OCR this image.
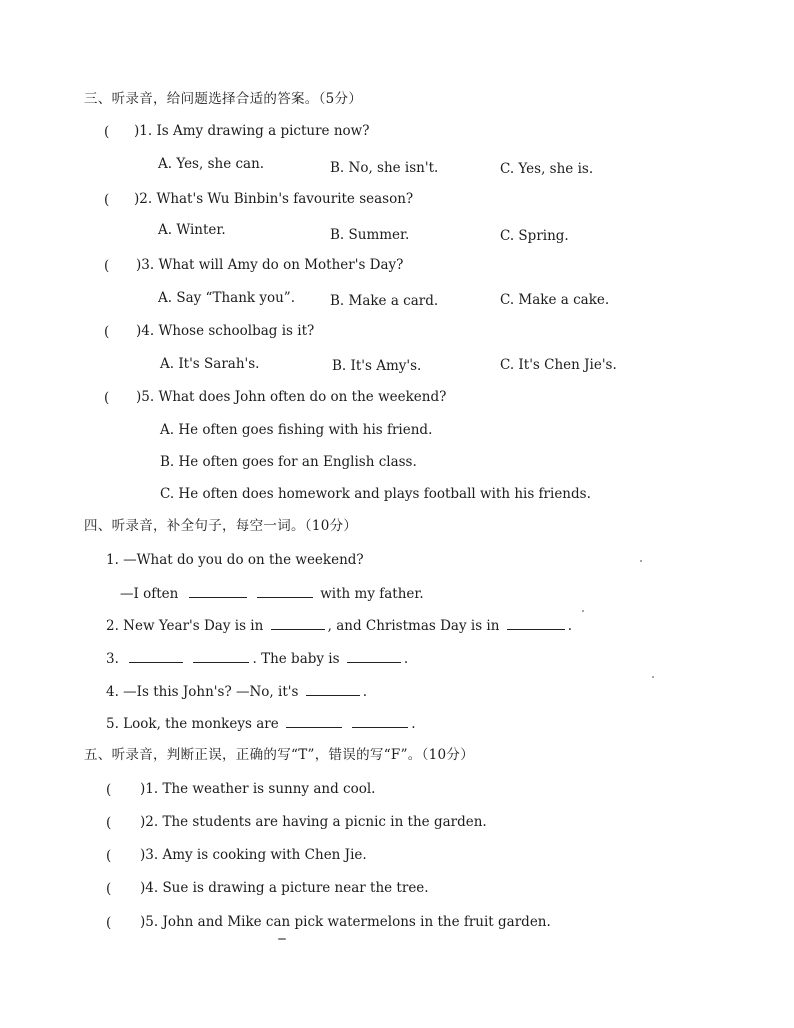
三、听录音，给问题选择合适的答案。（5分）
( )1. Is Amy drawing a picture now?
A. Yes, she can.	B. No, she isn't.	C. Yes, she is.
( )2. What's Wu Binbin's favourite season?
A. Winter.	B. Summer.	C. Spring.
( )3. What will Amy do on Mother's Day?
A. Say “Thank you”.	B. Make a card.	C. Make a cake.
( )4. Whose schoolbag is it?
A. It's Sarah's.	B. It's Amy's.	C. It's Chen Jie's.
( )5. What does John often do on the weekend?
A. He often goes fishing with his friend.
B. He often goes for an English class.
C. He often does homework and plays football with his friends.
四、听录音，补全句子，每空一词。（10分）
1. —What do you do on the weekend?
—I often	with my father.
2. New Year's Day is in	, and Christmas Day is in	.
3.	. The baby is	.
4. —Is this John's? —No, it's	.
5. Look, the monkeys are	.
五、听录音，判断正误，正确的写“T”，错误的写“F”。（10分）
( )1. The weather is sunny and cool.
( )2. The students are having a picnic in the garden.
( )3. Amy is cooking with Chen Jie.
( )4. Sue is drawing a picture near the tree.
( )5. John and Mike can pick watermelons in the fruit garden.
